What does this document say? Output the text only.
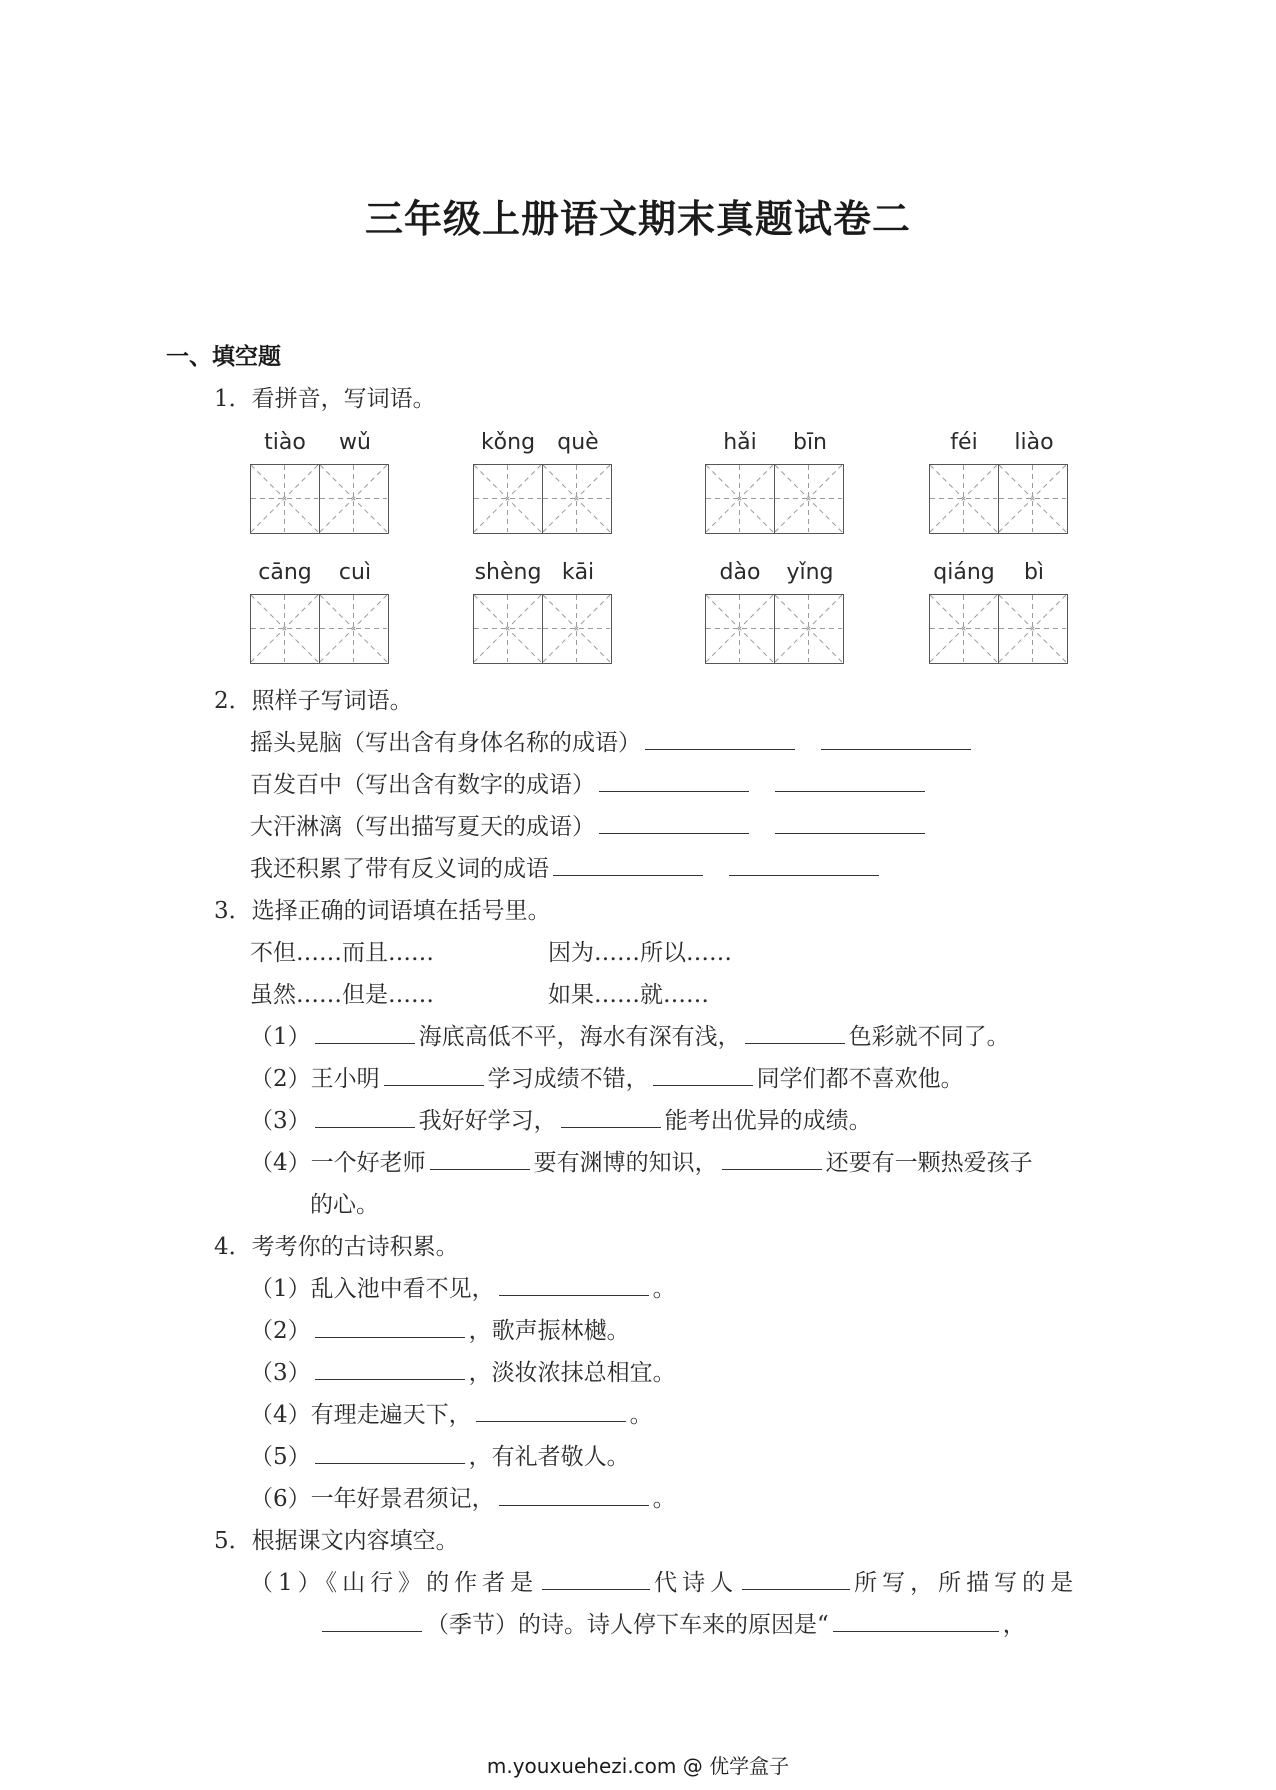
三年级上册语文期末真题试卷二
一、填空题
1．看拼音，写词语。
tiào	wǔ	kǒng	què	hǎi	bīn	féi	liào
cāng	cuì	shèng kāi	dào	yǐng	qiáng	bì
2．照样子写词语。
摇头晃脑（写出含有身体名称的成语）
百发百中（写出含有数字的成语）
大汗淋漓（写出描写夏天的成语）
我还积累了带有反义词的成语
3．选择正确的词语填在括号里。
不但……而且……	因为……所以……
虽然……但是……	如果……就……
（1）	海底高低不平，海水有深有浅，	色彩就不同了。
（2）王小明	学习成绩不错，	同学们都不喜欢他。
（3）	我好好学习，	能考出优异的成绩。
（4）一个好老师	要有渊博的知识，	还要有一颗热爱孩子
的心。
4．考考你的古诗积累。
（1）乱入池中看不见，	。
（2）	，歌声振林樾。
（3）	，淡妆浓抹总相宜。
（4）有理走遍天下，	。
（5）	，有礼者敬人。
（6）一年好景君须记，	。
5．根据课文内容填空。
（1）《山行》的作者是	代诗人	所写，所描写的是
（季节）的诗。诗人停下车来的原因是“	，
m.youxuehezi.com @ 优学盒子
